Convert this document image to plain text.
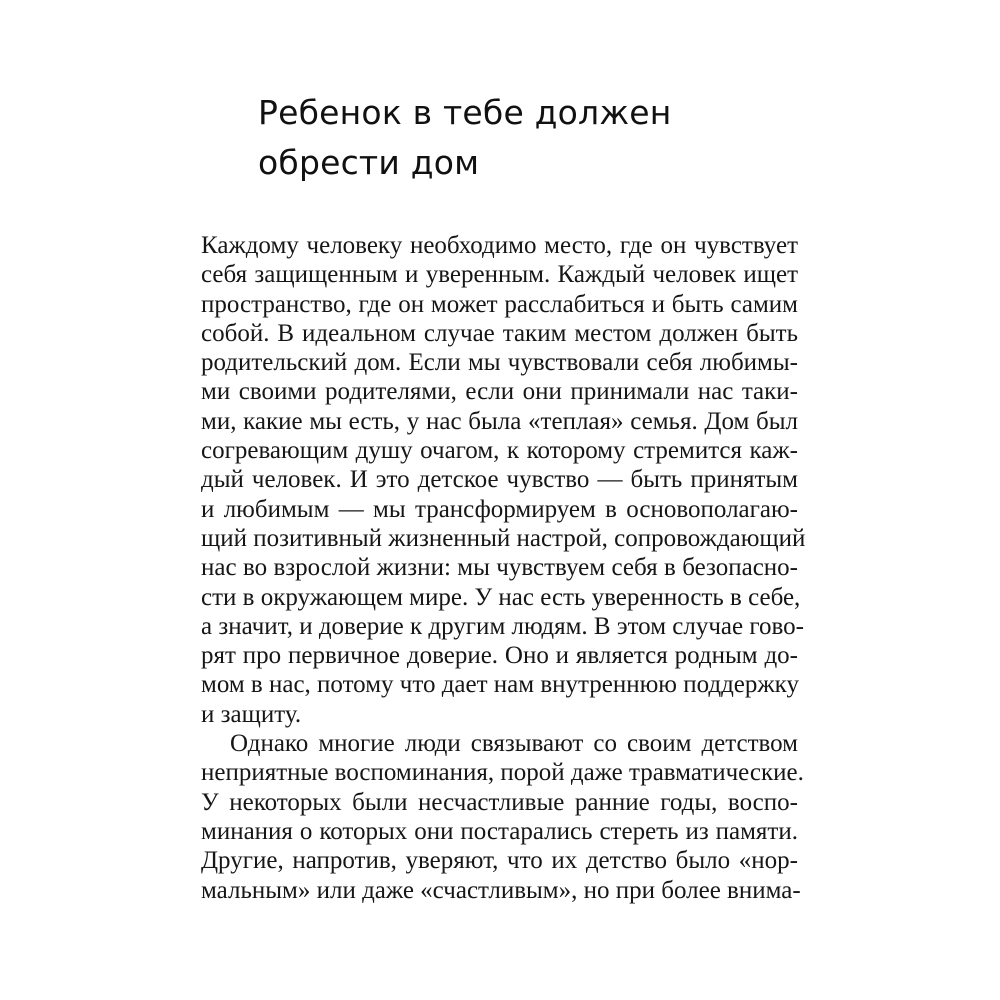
Ребенок в тебе должен
обрести дом
Каждому человеку необходимо место, где он чувствует
себя защищенным и уверенным. Каждый человек ищет
пространство, где он может расслабиться и быть самим
собой. В идеальном случае таким местом должен быть
родительский дом. Если мы чувствовали себя любимы-
ми своими родителями, если они принимали нас таки-
ми, какие мы есть, у нас была «теплая» семья. Дом был
согревающим душу очагом, к которому стремится каж-
дый человек. И это детское чувство — быть принятым
и любимым — мы трансформируем в основополагаю-
щий позитивный жизненный настрой, сопровождающий
нас во взрослой жизни: мы чувствуем себя в безопасно-
сти в окружающем мире. У нас есть уверенность в себе,
а значит, и доверие к другим людям. В этом случае гово-
рят про первичное доверие. Оно и является родным до-
мом в нас, потому что дает нам внутреннюю поддержку
и защиту.
Однако многие люди связывают со своим детством
неприятные воспоминания, порой даже травматические.
У некоторых были несчастливые ранние годы, воспо-
минания о которых они постарались стереть из памяти.
Другие, напротив, уверяют, что их детство было «нор-
мальным» или даже «счастливым», но при более внима-
